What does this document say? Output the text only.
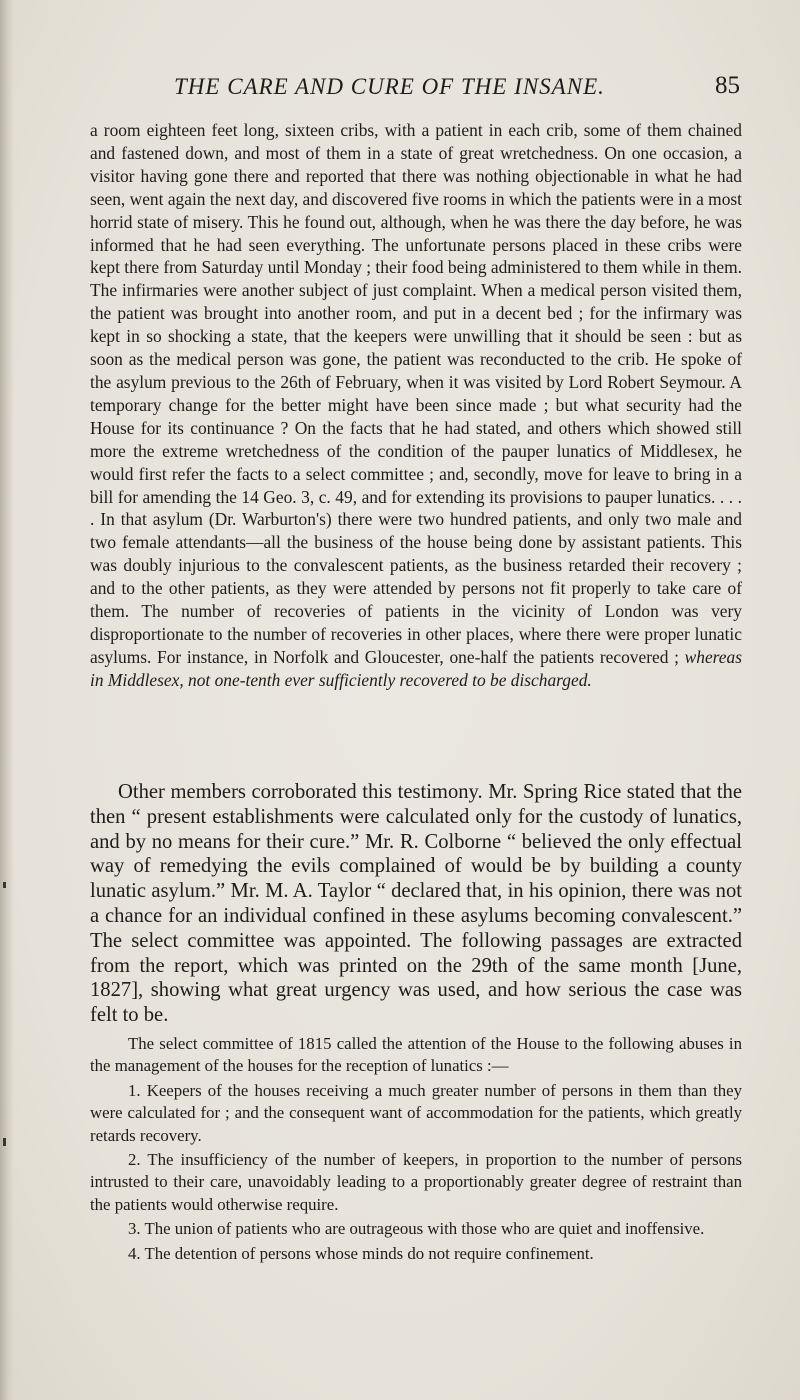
THE CARE AND CURE OF THE INSANE.	85

a room eighteen feet long, sixteen cribs, with a patient in each crib, some of them chained and fastened down, and most of them in a state of great wretchedness. On one occasion, a visitor having gone there and reported that there was nothing objectionable in what he had seen, went again the next day, and discovered five rooms in which the patients were in a most horrid state of misery. This he found out, although, when he was there the day before, he was informed that he had seen everything. The unfortunate persons placed in these cribs were kept there from Saturday until Monday ; their food being administered to them while in them. The infirmaries were another subject of just complaint. When a medical person visited them, the patient was brought into another room, and put in a decent bed ; for the infirmary was kept in so shocking a state, that the keepers were unwilling that it should be seen : but as soon as the medical person was gone, the patient was reconducted to the crib. He spoke of the asylum previous to the 26th of February, when it was visited by Lord Robert Seymour. A temporary change for the better might have been since made ; but what security had the House for its continuance ? On the facts that he had stated, and others which showed still more the extreme wretchedness of the condition of the pauper lunatics of Middlesex, he would first refer the facts to a select committee ; and, secondly, move for leave to bring in a bill for amending the 14 Geo. 3, c. 49, and for extending its provisions to pauper lunatics. . . . . In that asylum (Dr. Warburton's) there were two hundred patients, and only two male and two female attendants—all the business of the house being done by assistant patients. This was doubly injurious to the convalescent patients, as the business retarded their recovery ; and to the other patients, as they were attended by persons not fit properly to take care of them. The number of recoveries of patients in the vicinity of London was very disproportionate to the number of recoveries in other places, where there were proper lunatic asylums. For instance, in Norfolk and Gloucester, one-half the patients recovered ; whereas in Middlesex, not one-tenth ever sufficiently recovered to be discharged.

Other members corroborated this testimony. Mr. Spring Rice stated that the then “ present establishments were calculated only for the custody of lunatics, and by no means for their cure.” Mr. R. Colborne “ believed the only effectual way of remedying the evils complained of would be by building a county lunatic asylum.” Mr. M. A. Taylor “ declared that, in his opinion, there was not a chance for an individual confined in these asylums becoming convalescent.” The select committee was appointed. The following passages are extracted from the report, which was printed on the 29th of the same month [June, 1827], showing what great urgency was used, and how serious the case was felt to be.

The select committee of 1815 called the attention of the House to the following abuses in the management of the houses for the reception of lunatics :—

1. Keepers of the houses receiving a much greater number of persons in them than they were calculated for ; and the consequent want of accommodation for the patients, which greatly retards recovery.

2. The insufficiency of the number of keepers, in proportion to the number of persons intrusted to their care, unavoidably leading to a proportionably greater degree of restraint than the patients would otherwise require.

3. The union of patients who are outrageous with those who are quiet and inoffensive.

4. The detention of persons whose minds do not require confinement.
